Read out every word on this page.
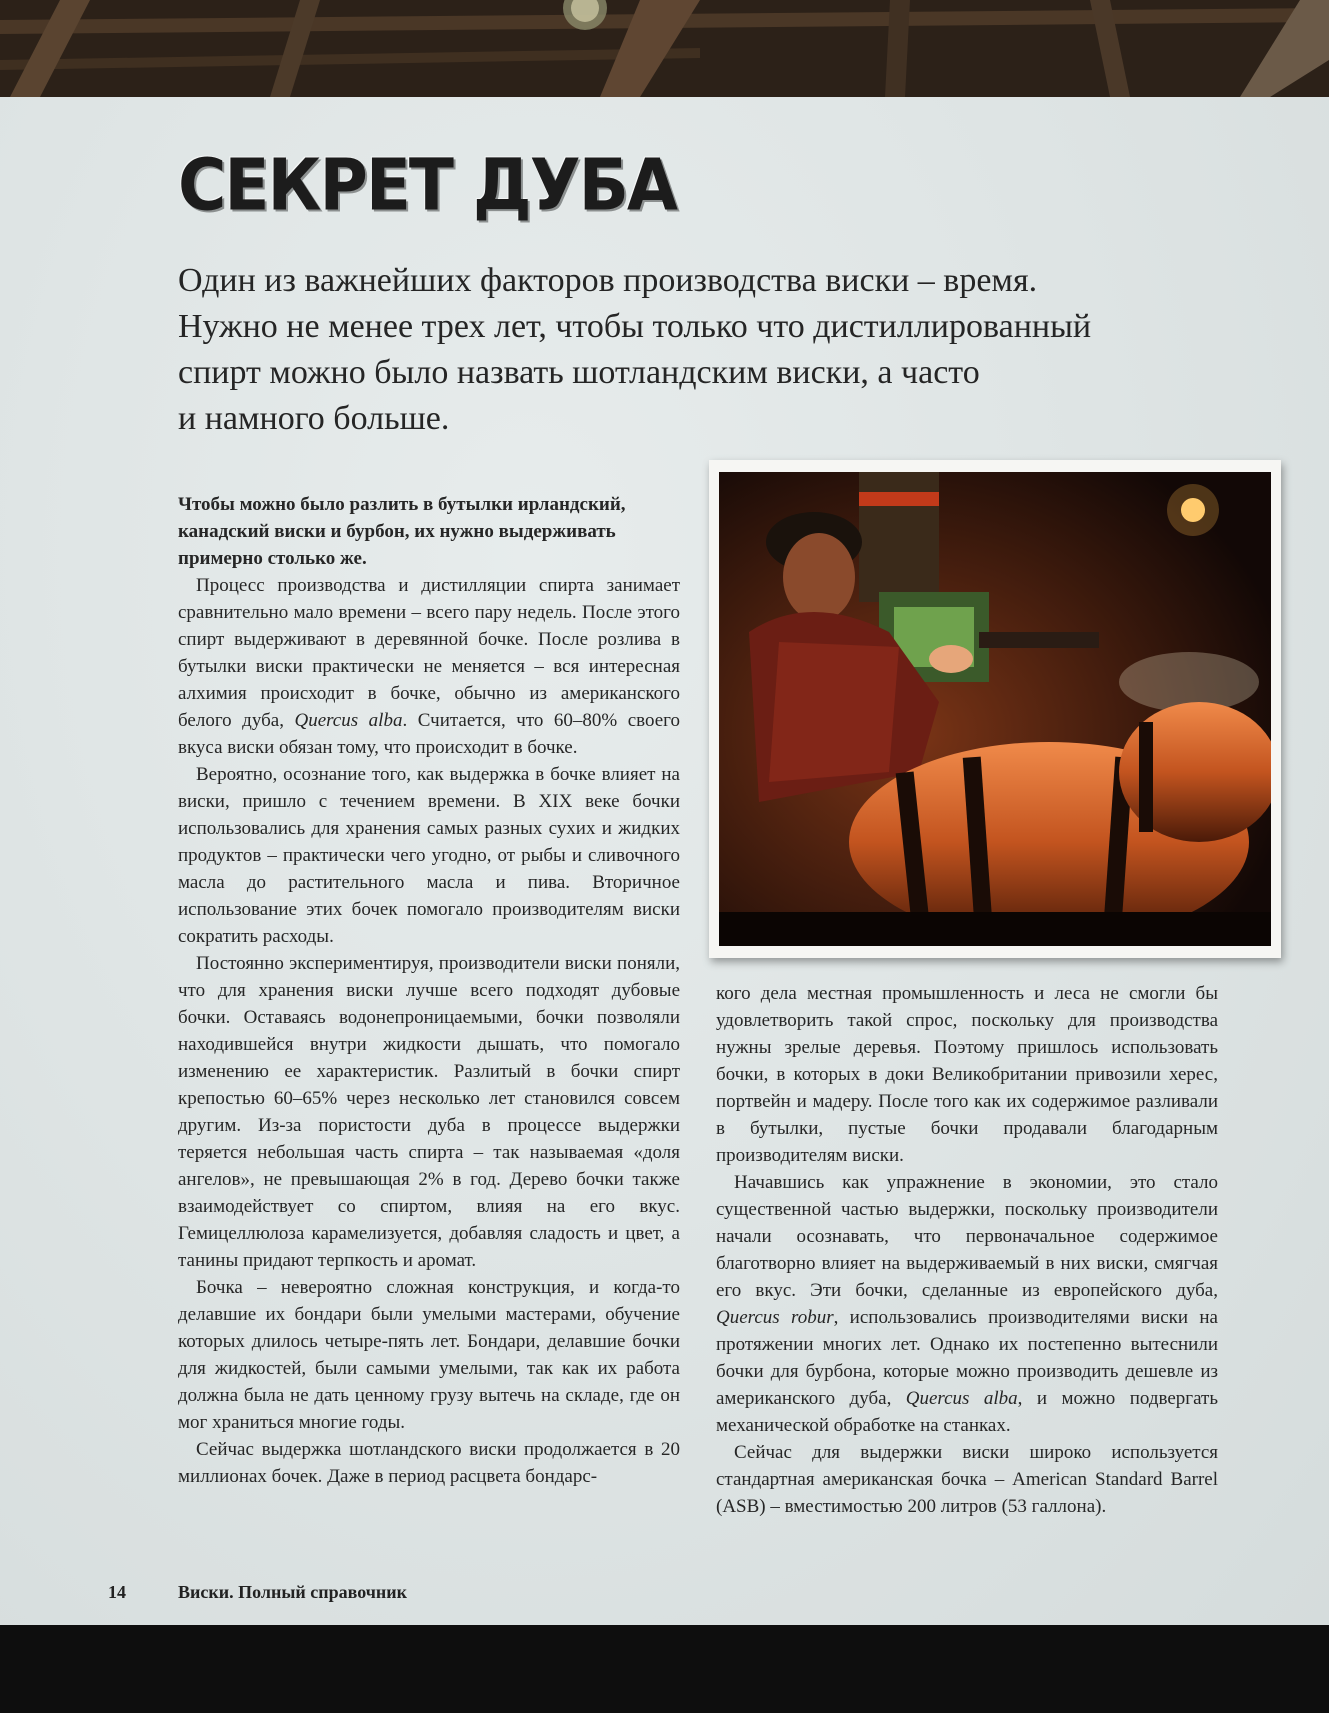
СЕКРЕТ ДУБА
Один из важнейших факторов производства виски – время.
Нужно не менее трех лет, чтобы только что дистиллированный
спирт можно было назвать шотландским виски, а часто
и намного больше.

Чтобы можно было разлить в бутылки ирландский, канадский виски и бурбон, их нужно выдерживать примерно столько же.

Процесс производства и дистилляции спирта занимает сравнительно мало времени – всего пару недель. После этого спирт выдерживают в деревянной бочке. После розлива в бутылки виски практически не меняется – вся интересная алхимия происходит в бочке, обычно из американского белого дуба, Quercus alba. Считается, что 60–80% своего вкуса виски обязан тому, что происходит в бочке.

Вероятно, осознание того, как выдержка в бочке влияет на виски, пришло с течением времени. В XIX веке бочки использовались для хранения самых разных сухих и жидких продуктов – практически чего угодно, от рыбы и сливочного масла до растительного масла и пива. Вторичное использование этих бочек помогало производителям виски сократить расходы.

Постоянно экспериментируя, производители виски поняли, что для хранения виски лучше всего подходят дубовые бочки. Оставаясь водонепроницаемыми, бочки позволяли находившейся внутри жидкости дышать, что помогало изменению ее характеристик. Разлитый в бочки спирт крепостью 60–65% через несколько лет становился совсем другим. Из-за пористости дуба в процессе выдержки теряется небольшая часть спирта – так называемая «доля ангелов», не превышающая 2% в год. Дерево бочки также взаимодействует со спиртом, влияя на его вкус. Гемицеллюлоза карамелизуется, добавляя сладость и цвет, а танины придают терпкость и аромат.

Бочка – невероятно сложная конструкция, и когда-то делавшие их бондари были умелыми мастерами, обучение которых длилось четыре-пять лет. Бондари, делавшие бочки для жидкостей, были самыми умелыми, так как их работа должна была не дать ценному грузу вытечь на складе, где он мог храниться многие годы.

Сейчас выдержка шотландского виски продолжается в 20 миллионах бочек. Даже в период расцвета бондарс-

кого дела местная промышленность и леса не смогли бы удовлетворить такой спрос, поскольку для производства нужны зрелые деревья. Поэтому пришлось использовать бочки, в которых в доки Великобритании привозили херес, портвейн и мадеру. После того как их содержимое разливали в бутылки, пустые бочки продавали благодарным производителям виски.

Начавшись как упражнение в экономии, это стало существенной частью выдержки, поскольку производители начали осознавать, что первоначальное содержимое благотворно влияет на выдерживаемый в них виски, смягчая его вкус. Эти бочки, сделанные из европейского дуба, Quercus robur, использовались производителями виски на протяжении многих лет. Однако их постепенно вытеснили бочки для бурбона, которые можно производить дешевле из американского дуба, Quercus alba, и можно подвергать механической обработке на станках.

Сейчас для выдержки виски широко используется стандартная американская бочка – American Standard Barrel (ASB) – вместимостью 200 литров (53 галлона).

14	Виски. Полный справочник
